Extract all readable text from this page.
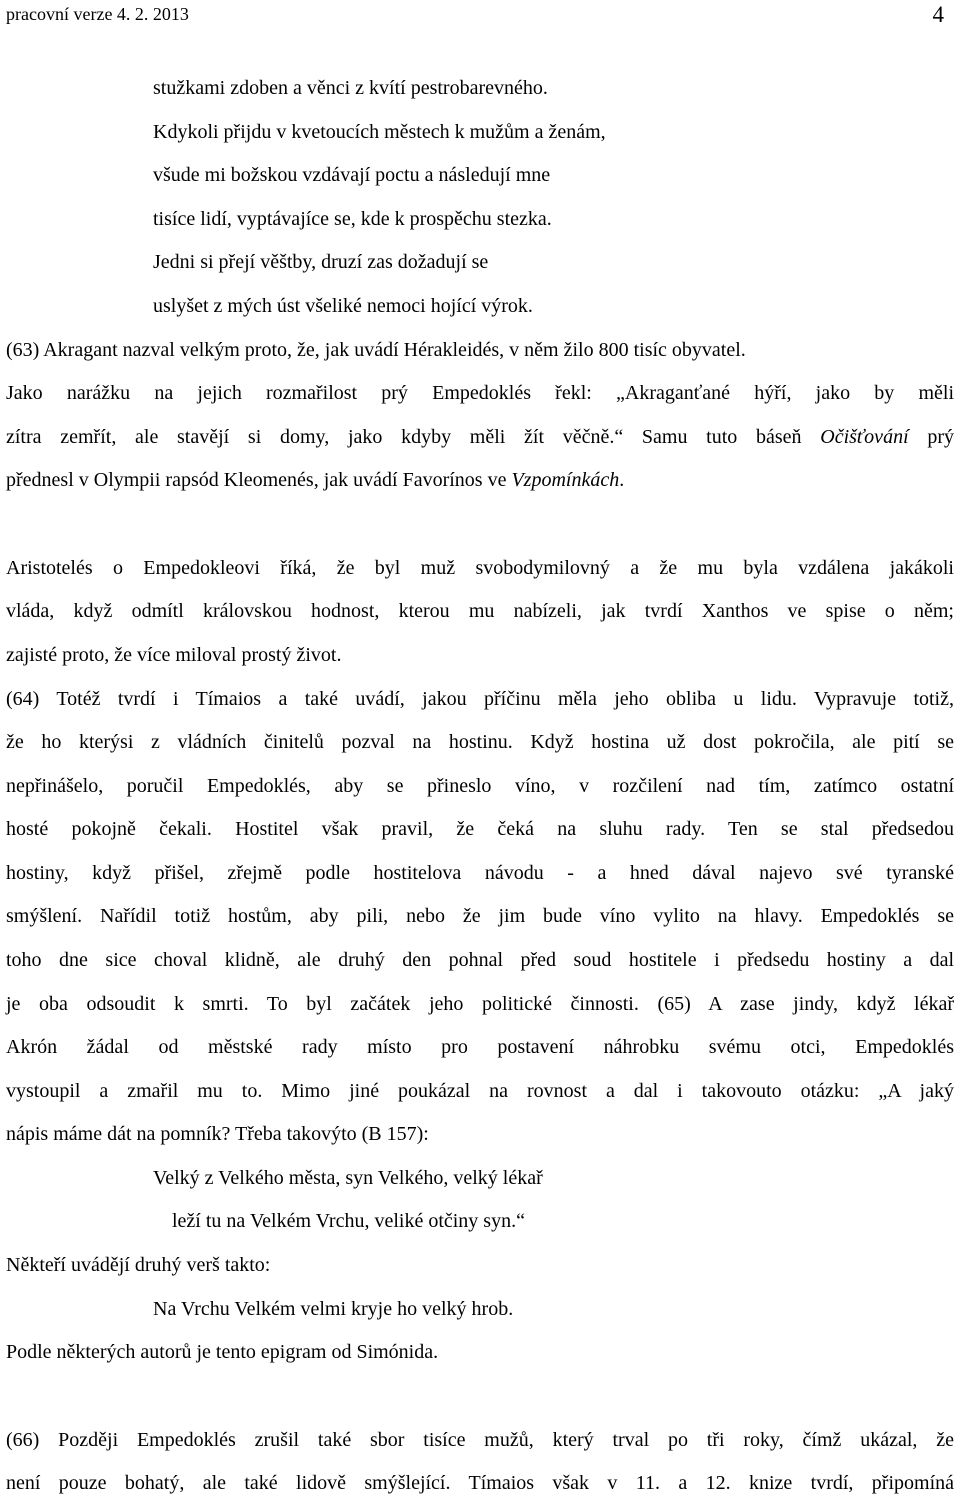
pracovní verze 4. 2. 2013	4
stužkami zdoben a věnci z kvítí pestrobarevného.
Kdykoli přijdu v kvetoucích městech k mužům a ženám,
všude mi božskou vzdávají poctu a následují mne
tisíce lidí, vyptávajíce se, kde k prospěchu stezka.
Jedni si přejí věštby, druzí zas dožadují se
uslyšet z mých úst všeliké nemoci hojící výrok.
(63) Akragant nazval velkým proto, že, jak uvádí Hérakleidés, v něm žilo 800 tisíc obyvatel.
Jako narážku na jejich rozmařilost prý Empedoklés řekl: „Akraganťané hýří, jako by měli
zítra zemřít, ale stavějí si domy, jako kdyby měli žít věčně.“ Samu tuto báseň Očišťování prý
přednesl v Olympii rapsód Kleomenés, jak uvádí Favorínos ve Vzpomínkách.
Aristotelés o Empedokleovi říká, že byl muž svobodymilovný a že mu byla vzdálena jakákoli
vláda, když odmítl královskou hodnost, kterou mu nabízeli, jak tvrdí Xanthos ve spise o něm;
zajisté proto, že více miloval prostý život.
(64) Totéž tvrdí i Tímaios a také uvádí, jakou příčinu měla jeho obliba u lidu. Vypravuje totiž,
že ho kterýsi z vládních činitelů pozval na hostinu. Když hostina už dost pokročila, ale pití se
nepřinášelo, poručil Empedoklés, aby se přineslo víno, v rozčilení nad tím, zatímco ostatní
hosté pokojně čekali. Hostitel však pravil, že čeká na sluhu rady. Ten se stal předsedou
hostiny, když přišel, zřejmě podle hostitelova návodu - a hned dával najevo své tyranské
smýšlení. Nařídil totiž hostům, aby pili, nebo že jim bude víno vylito na hlavy. Empedoklés se
toho dne sice choval klidně, ale druhý den pohnal před soud hostitele i předsedu hostiny a dal
je oba odsoudit k smrti. To byl začátek jeho politické činnosti. (65) A zase jindy, když lékař
Akrón žádal od městské rady místo pro postavení náhrobku svému otci, Empedoklés
vystoupil a zmařil mu to. Mimo jiné poukázal na rovnost a dal i takovouto otázku: „A jaký
nápis máme dát na pomník? Třeba takovýto (B 157):
Velký z Velkého města, syn Velkého, velký lékař
leží tu na Velkém Vrchu, veliké otčiny syn.“
Někteří uvádějí druhý verš takto:
Na Vrchu Velkém velmi kryje ho velký hrob.
Podle některých autorů je tento epigram od Simónida.
(66) Později Empedoklés zrušil také sbor tisíce mužů, který trval po tři roky, čímž ukázal, že
není pouze bohatý, ale také lidově smýšlející. Tímaios však v 11. a 12. knize tvrdí, připomíná
